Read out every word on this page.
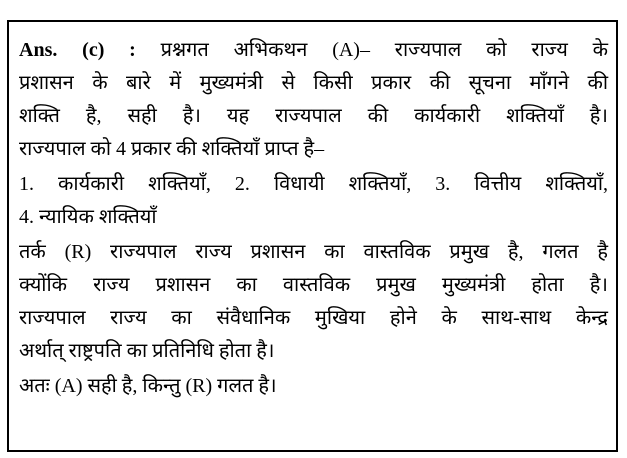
Ans. (c) : प्रश्नगत अभिकथन (A)– राज्यपाल को राज्य के
प्रशासन के बारे में मुख्यमंत्री से किसी प्रकार की सूचना माँगने की
शक्ति है, सही है। यह राज्यपाल की कार्यकारी शक्तियाँ है।
राज्यपाल को 4 प्रकार की शक्तियाँ प्राप्त है–
1. कार्यकारी शक्तियाँ, 2. विधायी शक्तियाँ, 3. वित्तीय शक्तियाँ,
4. न्यायिक शक्तियाँ
तर्क (R) राज्यपाल राज्य प्रशासन का वास्तविक प्रमुख है, गलत है
क्योंकि राज्य प्रशासन का वास्तविक प्रमुख मुख्यमंत्री होता है।
राज्यपाल राज्य का संवैधानिक मुखिया होने के साथ-साथ केन्द्र
अर्थात् राष्ट्रपति का प्रतिनिधि होता है।
अतः (A) सही है, किन्तु (R) गलत है।
